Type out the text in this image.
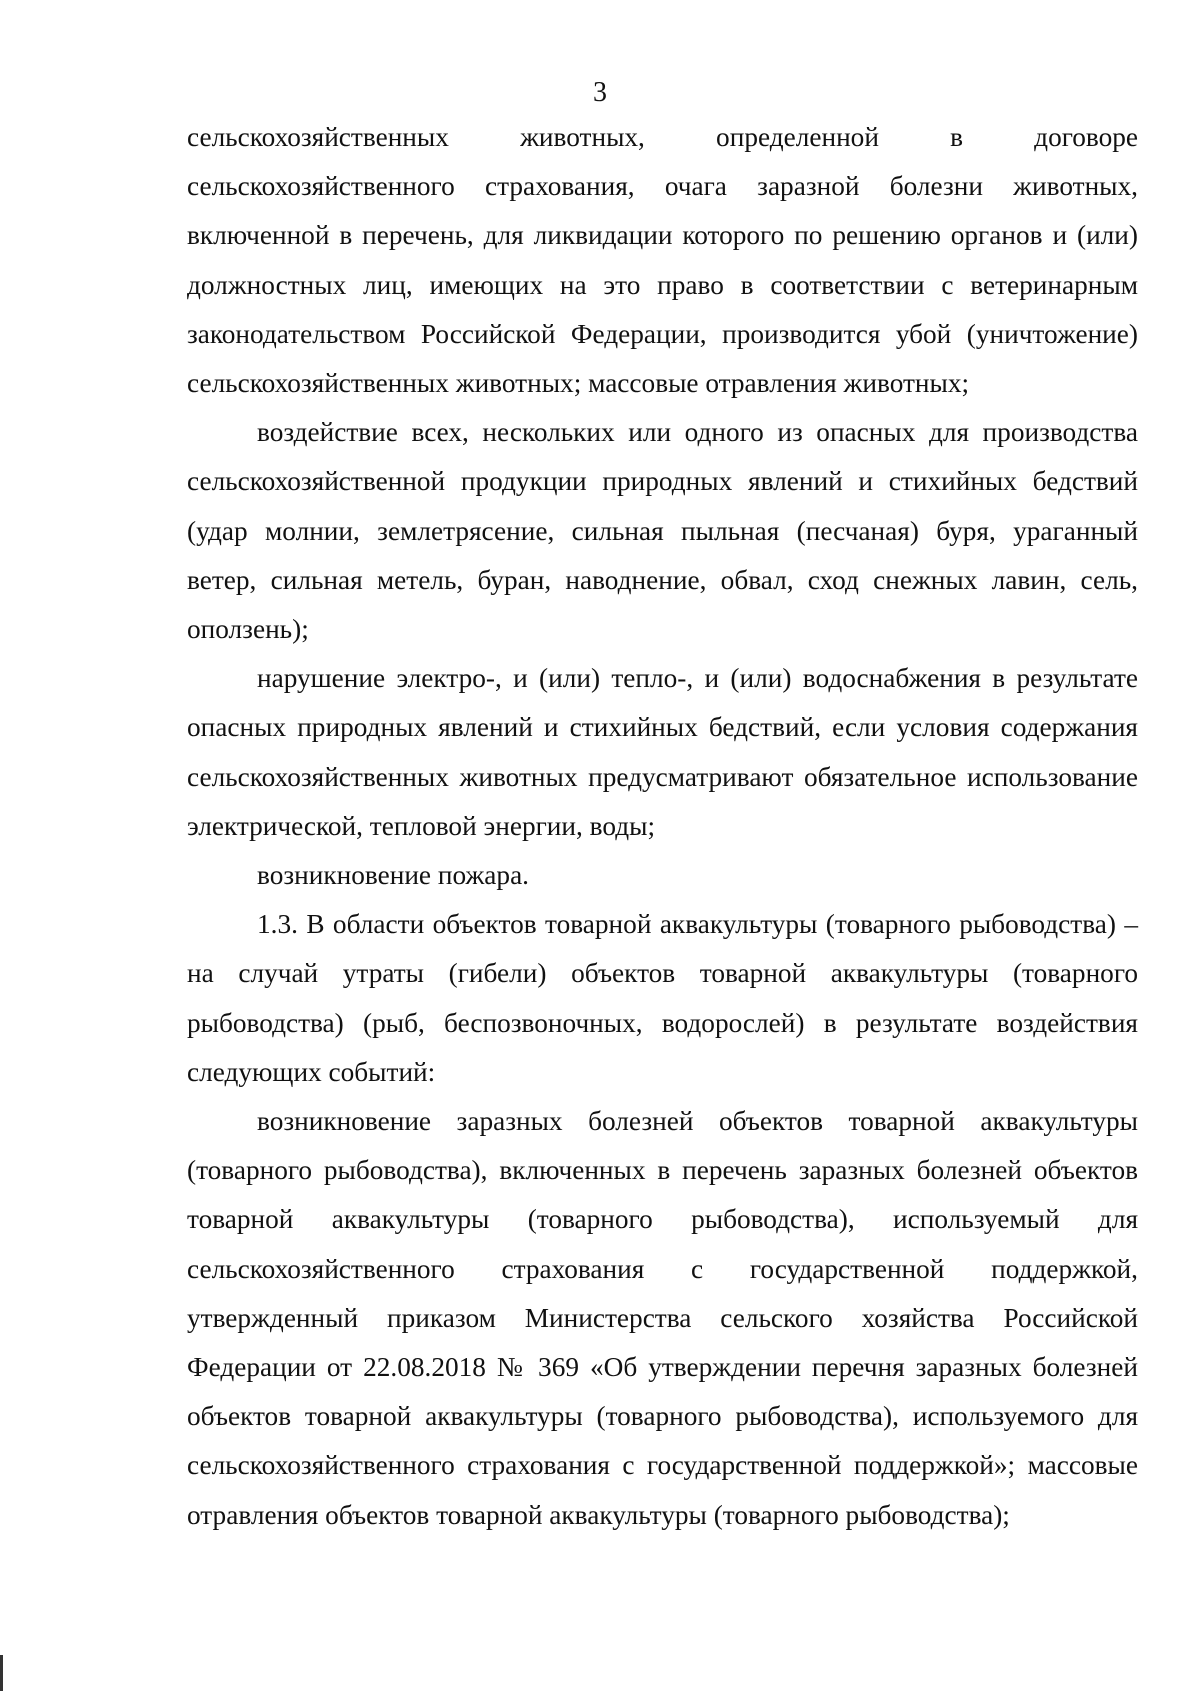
3

сельскохозяйственных животных, определенной в договоре сельскохозяйственного страхования, очага заразной болезни животных, включенной в перечень, для ликвидации которого по решению органов и (или) должностных лиц, имеющих на это право в соответствии с ветеринарным законодательством Российской Федерации, производится убой (уничтожение) сельскохозяйственных животных; массовые отравления животных;

воздействие всех, нескольких или одного из опасных для производства сельскохозяйственной продукции природных явлений и стихийных бедствий (удар молнии, землетрясение, сильная пыльная (песчаная) буря, ураганный ветер, сильная метель, буран, наводнение, обвал, сход снежных лавин, сель, оползень);

нарушение электро-, и (или) тепло-, и (или) водоснабжения в результате опасных природных явлений и стихийных бедствий, если условия содержания сельскохозяйственных животных предусматривают обязательное использование электрической, тепловой энергии, воды;

возникновение пожара.

1.3. В области объектов товарной аквакультуры (товарного рыбоводства) – на случай утраты (гибели) объектов товарной аквакультуры (товарного рыбоводства) (рыб, беспозвоночных, водорослей) в результате воздействия следующих событий:

возникновение заразных болезней объектов товарной аквакультуры (товарного рыбоводства), включенных в перечень заразных болезней объектов товарной аквакультуры (товарного рыбоводства), используемый для сельскохозяйственного страхования с государственной поддержкой, утвержденный приказом Министерства сельского хозяйства Российской Федерации от 22.08.2018 № 369 «Об утверждении перечня заразных болезней объектов товарной аквакультуры (товарного рыбоводства), используемого для сельскохозяйственного страхования с государственной поддержкой»; массовые отравления объектов товарной аквакультуры (товарного рыбоводства);
